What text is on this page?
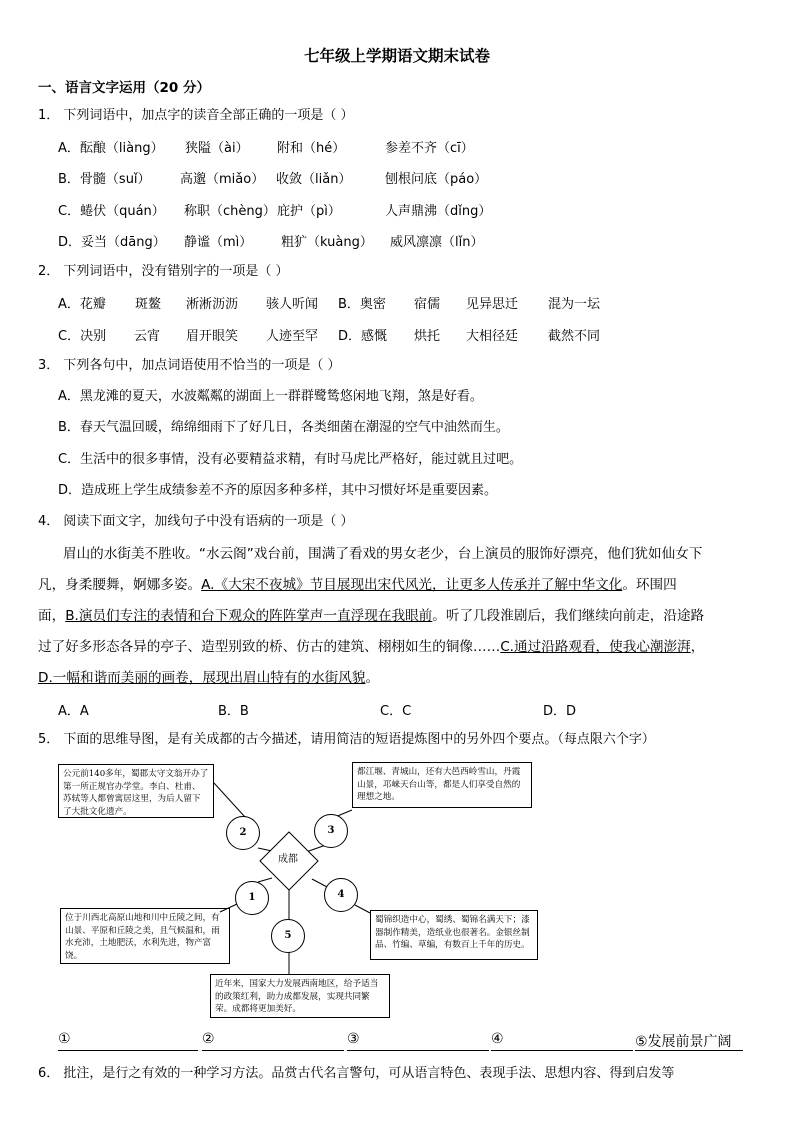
七年级上学期语文期末试卷
一、语言文字运用（20 分）
1． 下列词语中，加点字的读音全部正确的一项是（ ）
A．酝酿（liàng） 狭隘（ài） 附和（hé）	参差不齐（cī）
B．骨髓（suǐ） 高邈（miǎo） 收敛（liǎn）	刨根问底（páo）
C．蜷伏（quán） 称职（chèng） 庇护（pì）	人声鼎沸（dǐng）
D．妥当（dāng） 静谧（mì） 粗犷（kuàng） 威风凛凛（lǐn）
2． 下列词语中，没有错别字的一项是（ ）
A．花瓣 斑鳌 淅淅沥沥 骇人听闻 B．奥密 宿儒 见异思迁 混为一坛
C．决别 云宵 眉开眼笑 人迹至罕 D．感慨 烘托 大相径廷 截然不同
3． 下列各句中，加点词语使用不恰当的一项是（ ）
A．黑龙滩的夏天，水波粼粼的湖面上一群群鹭鸶悠闲地飞翔，煞是好看。
B．春天气温回暖，绵绵细雨下了好几日，各类细菌在潮湿的空气中油然而生。
C．生活中的很多事情，没有必要精益求精，有时马虎比严格好，能过就且过吧。
D．造成班上学生成绩参差不齐的原因多种多样，其中习惯好坏是重要因素。
4． 阅读下面文字，加线句子中没有语病的一项是（ ）
眉山的水街美不胜收。“水云阁”戏台前，围满了看戏的男女老少，台上演员的服饰好漂亮，他们犹如仙女下
凡，身柔腰舞，婀娜多姿。A.《大宋不夜城》节目展现出宋代风光，让更多人传承并了解中华文化。环围四
面，B.演员们专注的表情和台下观众的阵阵掌声一直浮现在我眼前。听了几段淮剧后，我们继续向前走，沿途路
过了好多形态各异的亭子、造型别致的桥、仿古的建筑、栩栩如生的铜像……C.通过沿路观看，使我心潮澎湃，
D.一幅和谐而美丽的画卷，展现出眉山特有的水街风貌。
A．A	B．B	C．C	D．D
5． 下面的思维导图，是有关成都的古今描述，请用简洁的短语提炼图中的另外四个要点。（每点限六个字）
成都
公元前140多年，蜀郡太守文翁开办了第一所正规官办学堂。李白、杜甫、苏轼等人都曾寓居这里，为后人留下了大批文化遗产。
都江堰、青城山，还有大邑西岭雪山，丹霞山景，邛崃天台山等，都是人们享受自然的理想之地。
位于川西北高原山地和川中丘陵之间，有山景、平原和丘陵之美，且气候温和，雨水充沛，土地肥沃，水利先进，物产富饶。
蜀锦织造中心，蜀绣、蜀锦名满天下；漆器制作精美，造纸业也很著名。金银丝制品、竹编、草编，有数百上千年的历史。
近年来，国家大力发展西南地区，给予适当的政策红利，助力成都发展，实现共同繁荣。成都将更加美好。
2	3
1	4
5
①	②	③	④	⑤发展前景广阔
6． 批注，是行之有效的一种学习方法。品赏古代名言警句，可从语言特色、表现手法、思想内容、得到启发等
